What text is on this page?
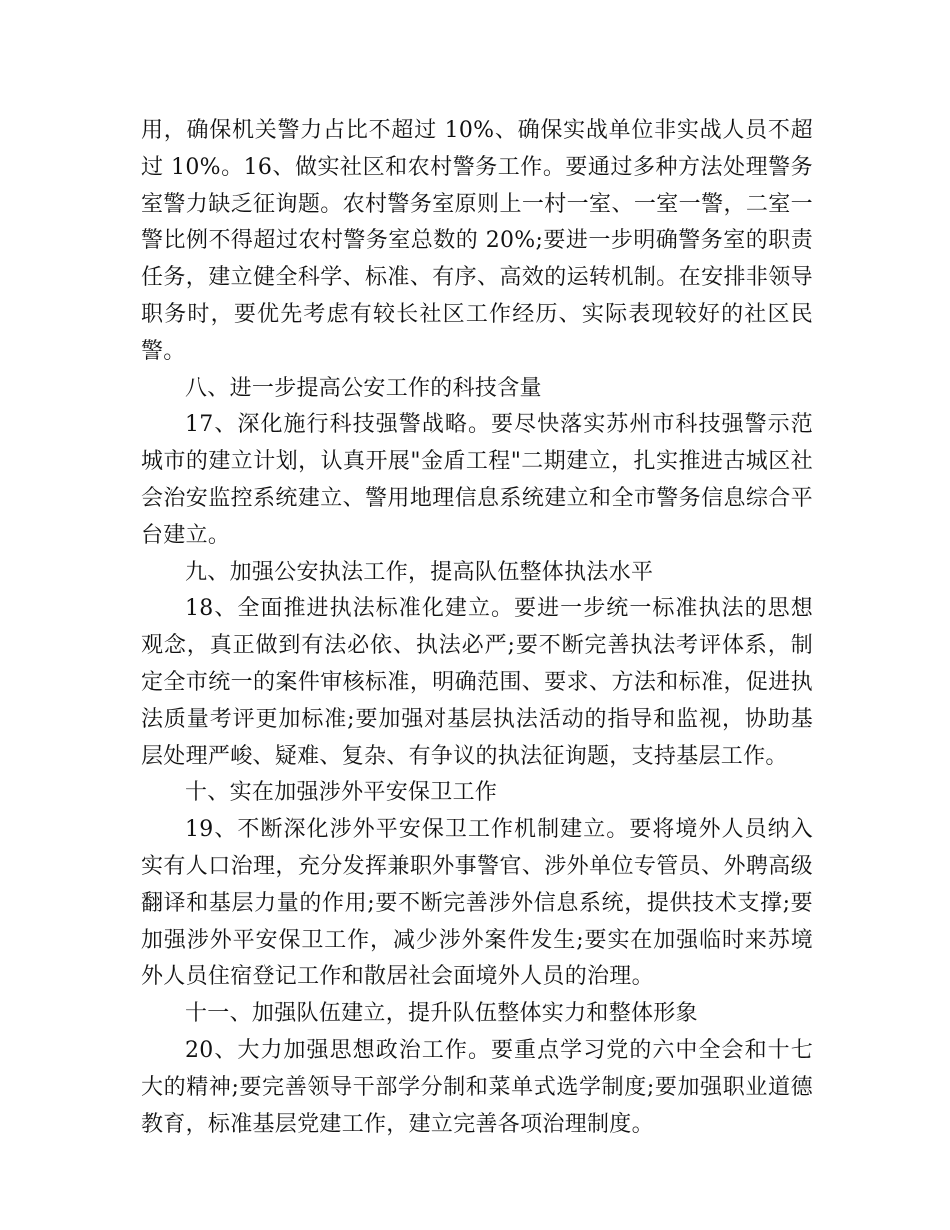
用，确保机关警力占比不超过 10%、确保实战单位非实战人员不超过 10%。16、做实社区和农村警务工作。要通过多种方法处理警务室警力缺乏征询题。农村警务室原则上一村一室、一室一警，二室一警比例不得超过农村警务室总数的 20%;要进一步明确警务室的职责任务，建立健全科学、标准、有序、高效的运转机制。在安排非领导职务时，要优先考虑有较长社区工作经历、实际表现较好的社区民警。

八、进一步提高公安工作的科技含量

17、深化施行科技强警战略。要尽快落实苏州市科技强警示范城市的建立计划，认真开展"金盾工程"二期建立，扎实推进古城区社会治安监控系统建立、警用地理信息系统建立和全市警务信息综合平台建立。

九、加强公安执法工作，提高队伍整体执法水平

18、全面推进执法标准化建立。要进一步统一标准执法的思想观念，真正做到有法必依、执法必严;要不断完善执法考评体系，制定全市统一的案件审核标准，明确范围、要求、方法和标准，促进执法质量考评更加标准;要加强对基层执法活动的指导和监视，协助基层处理严峻、疑难、复杂、有争议的执法征询题，支持基层工作。

十、实在加强涉外平安保卫工作

19、不断深化涉外平安保卫工作机制建立。要将境外人员纳入实有人口治理，充分发挥兼职外事警官、涉外单位专管员、外聘高级翻译和基层力量的作用;要不断完善涉外信息系统，提供技术支撑;要加强涉外平安保卫工作，减少涉外案件发生;要实在加强临时来苏境外人员住宿登记工作和散居社会面境外人员的治理。

十一、加强队伍建立，提升队伍整体实力和整体形象

20、大力加强思想政治工作。要重点学习党的六中全会和十七大的精神;要完善领导干部学分制和菜单式选学制度;要加强职业道德教育，标准基层党建工作，建立完善各项治理制度。
